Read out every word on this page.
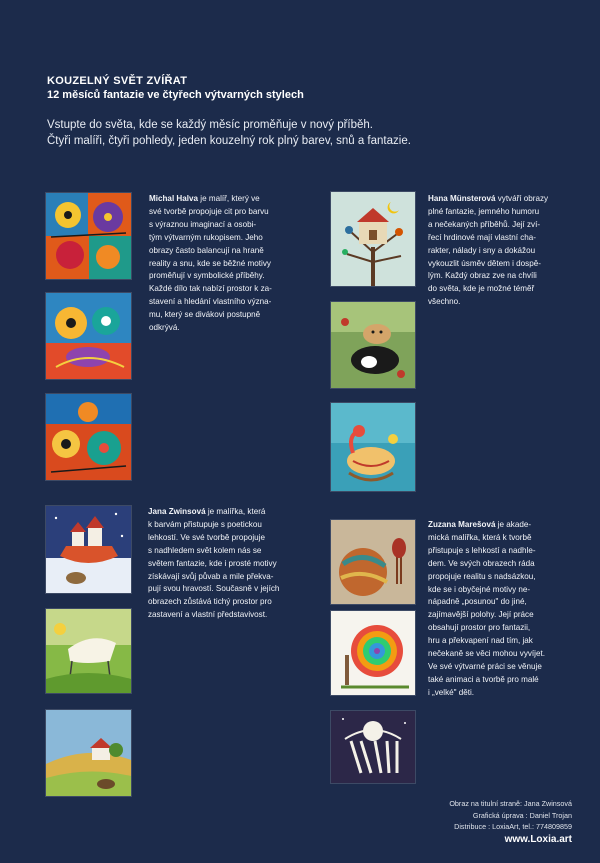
KOUZELNÝ SVĚT ZVÍŘAT

12 měsíců fantazie ve čtyřech výtvarných stylech

Vstupte do světa, kde se každý měsíc proměňuje v nový příběh.

Čtyři malíři, čtyři pohledy, jeden kouzelný rok plný barev, snů a fantazie.

Michal Halva je malíř, který ve
své tvorbě propojuje cit pro barvu
s výraznou imaginací a osobi-
tým výtvarným rukopisem. Jeho
obrazy často balancují na hraně
reality a snu, kde se běžné motivy
proměňují v symbolické příběhy.
Každé dílo tak nabízí prostor k za-
stavení a hledání vlastního význa-
mu, který se divákovi postupně
odkrývá.
Hana Münsterová vytváří obrazy
plné fantazie, jemného humoru
a nečekaných příběhů. Její zví-
řecí hrdinové mají vlastní cha-
rakter, nálady i sny a dokážou
vykouzlit úsměv dětem i dospě-
lým. Každý obraz zve na chvíli
do světa, kde je možné téměř
všechno.
Jana Zwinsová je malířka, která
k barvám přistupuje s poetickou
lehkostí. Ve své tvorbě propojuje
s nadhledem svět kolem nás se
světem fantazie, kde i prosté motivy
získávají svůj půvab a mile překva-
pují svou hravostí. Současně v jejích
obrazech zůstává tichý prostor pro
zastavení a vlastní představivost.
Zuzana Marešová je akade-
mická malířka, která k tvorbě
přistupuje s lehkostí a nadhle-
dem. Ve svých obrazech ráda
propojuje realitu s nadsázkou,
kde se i obyčejné motivy ne-
nápadně „posunou" do jiné,
zajímavější polohy. Její práce
obsahují prostor pro fantazii,
hru a překvapení nad tím, jak
nečekaně se věci mohou vyvíjet.
Ve své výtvarné práci se věnuje
také animaci a tvorbě pro malé
i „velké" děti.
Obraz na titulní straně: Jana Zwinsová
Grafická úprava : Daniel Trojan
Distribuce : LoxiaArt, tel.: 774809859
www.Loxia.art
